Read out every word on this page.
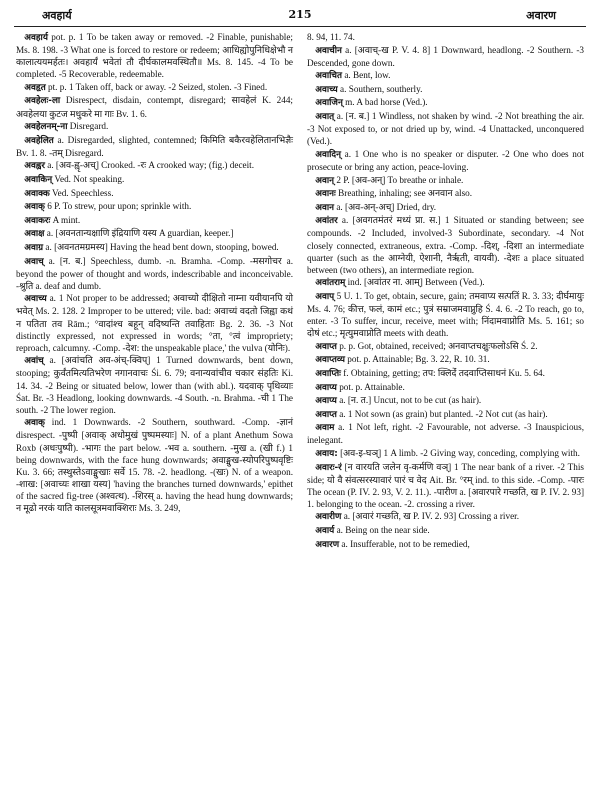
अवहार्य	215	अवारण

अवहार्य pot. p. 1 To be taken away or removed. -2 Finable, punishable; Ms. 8. 198. -3 What one is forced to restore or redeem; आधिह्योपुनिधिक्षेभौ न कालात्ययमर्हतः। अवहार्यं भवेतां तौ दीर्घकालमवस्थितौ॥ Ms. 8. 145. -4 To be completed. -5 Recoverable, redeemable.

अवहृत pt. p. 1 Taken off, back or away. -2 Seized, stolen. -3 Fined.

अवहेलः-ला Disrespect, disdain, contempt, disregard; सावहेलं K. 244; अवहेलया कुटज मधुकरे मा गाः Bv. 1. 6.

अवहेलनम्-ना Disregard.

अवहेलित a. Disregarded, slighted, contemned; किमिति बकैरवहेलितानभिज्ञैः Bv. 1. 8. -तम् Disregard.

अवह्वर a. [अव-ह्वृ-अच्] Crooked. -रः A crooked way; (fig.) deceit.

अवाकिन् Ved. Not speaking.

अवाक्क Ved. Speechless.

अवाक् 6 P. To strew, pour upon; sprinkle with.

अवाकरः A mint.

अवाक्ष a. [अवनतान्यक्षाणि इंद्रियाणि यस्य A guardian, keeper.]

अवाग्र a. [अवनतमग्रमस्य] Having the head bent down, stooping, bowed.

अवाच् a. [न. ब.] Speechless, dumb. -n. Bramha. -Comp. -मसगोचर a. beyond the power of thought and words, indescribable and inconceivable. -श्रुति a. deaf and dumb.

अवाच्य a. 1 Not proper to be addressed; अवाच्यो दीक्षितो नाम्ना यवीयानपि यो भवेत् Ms. 2. 128. 2 Improper to be uttered; vile. bad: अवाच्यं वदतो जिह्वा कथं न पतिता तव Rām.; °वादांश्च बहून् वदिष्यन्ति तवाहिताः Bg. 2. 36. -3 Not distinctly expressed, not expressed in words; °ता, °त्वं impropriety; reproach, calcumny. -Comp. -देश: the unspeakable place,' the vulva (योनिः).

अवांच् a. [अवांचति अव-अंच्-क्विप्] 1 Turned downwards, bent down, stooping; कुर्वंतमित्यतिभरेण नगानवाचः Śi. 6. 79; वनान्यवांचीव चकार संहतिः Ki. 14. 34. -2 Being or situated below, lower than (with abl.). यदवाक् पृथिव्याः Śat. Br. -3 Headlong, looking downwards. -4 South. -n. Brahma. -ची 1 The south. -2 The lower region.

अवाक् ind. 1 Downwards. -2 Southern, southward. -Comp. -ज्ञानं disrespect. -पुष्पी [अवाक् अधोमुखं पुष्पमस्याः] N. of a plant Anethum Sowa Roxb (अधःपुष्पी). -भागः the part below. -भव a. southern. -मुख a. (खी f.) 1 being downwards, with the face hung downwards; अवाङ्मुख-स्योपरिपुष्पवृष्टिः Ku. 3. 66; तस्थुस्तेऽवाङ्मुखाः सर्वे 15. 78. -2. headlong. -(खः) N. of a weapon. -शाख: [अवाच्यः शाखा यस्य] 'having the branches turned downwards,' epithet of the sacred fig-tree (अश्वत्थ). -शिरस् a. having the head hung downwards; न मूढो नरकं याति कालसूत्रमवाक्शिराः Ms. 3. 249,

8. 94, 11. 74.

अवाचीन a. [अवाच्-ख P. V. 4. 8] 1 Downward, headlong. -2 Southern. -3 Descended, gone down.

अवाचित a. Bent, low.

अवाच्य a. Southern, southerly.

अवाजिन् m. A bad horse (Ved.).

अवात् a. [न. ब.] 1 Windless, not shaken by wind. -2 Not breathing the air. -3 Not exposed to, or not dried up by, wind. -4 Unattacked, unconquered (Ved.).

अवादिन् a. 1 One who is no speaker or disputer. -2 One who does not prosecute or bring any action, peace-loving.

अवान् 2 P. [अव-अन्] To breathe or inhale.

अवानः Breathing, inhaling; see अनवान also.

अवान a. [अव-अन्-अच्] Dried, dry.

अवांतर a. [अवगतमंतरं मध्यं प्रा. स.] 1 Situated or standing between; see compounds. -2 Included, involved-3 Subordinate, secondary. -4 Not closely connected, extraneous, extra. -Comp. -दिश्, -दिशा an intermediate quarter (such as the आग्नेयी, ऐशानी, नैर्ऋती, वायवी). -देशः a place situated between (two others), an intermediate region.

अवांतराम् ind. [अवांतर ना. आम्] Between (Ved.).

अवाप् 5 U. 1. To get, obtain, secure, gain; तमवाप्य सत्पतिं R. 3. 33; दीर्घमायुः Ms. 4. 76; कीत्त, फलं, कामं etc.; पुत्रं सम्राजमवाप्नुहि Ś. 4. 6. -2 To reach, go to, enter. -3 To suffer, incur, receive, meet with; निंदामवाप्नोति Ms. 5. 161; so दोषं etc.; मृत्युमवाप्नोति meets with death.

अवाप्त p. p. Got, obtained, received; अनवाप्तचक्षुःफलोऽसि Ś. 2.

अवाप्तव्य pot. p. Attainable; Bg. 3. 22, R. 10. 31.

अवाप्तिः f. Obtaining, getting; तप: क्लिदेंं तदवाप्तिसाधनं Ku. 5. 64.

अवाप्य pot. p. Attainable.

अवाप्य a. [न. त.] Uncut, not to be cut (as hair).

अवाप्त a. 1 Not sown (as grain) but planted. -2 Not cut (as hair).

अवाम a. 1 Not left, right. -2 Favourable, not adverse. -3 Inauspicious, inelegant.

अवाय: [अव-इ-घञ्] 1 A limb. -2 Giving way, conceding, complying with.

अवारः-रं [न वारयति जलेन वृ-कर्मणि वञ्] 1 The near bank of a river. -2 This side; यो वै संवत्सरस्यावारं पारं च वेद Ait. Br. °रम् ind. to this side. -Comp. -पारः The ocean (P. IV. 2. 93, V. 2. 11.). -पारीण a. [अवारपारे गच्छति, ख P. IV. 2. 93] 1. belonging to the ocean. -2. crossing a river.

अवारीण a. [अवारं गच्छति, ख P. IV. 2. 93] Crossing a river.

अवार्य a. Being on the near side.

अवारण a. Insufferable, not to be remedied,
